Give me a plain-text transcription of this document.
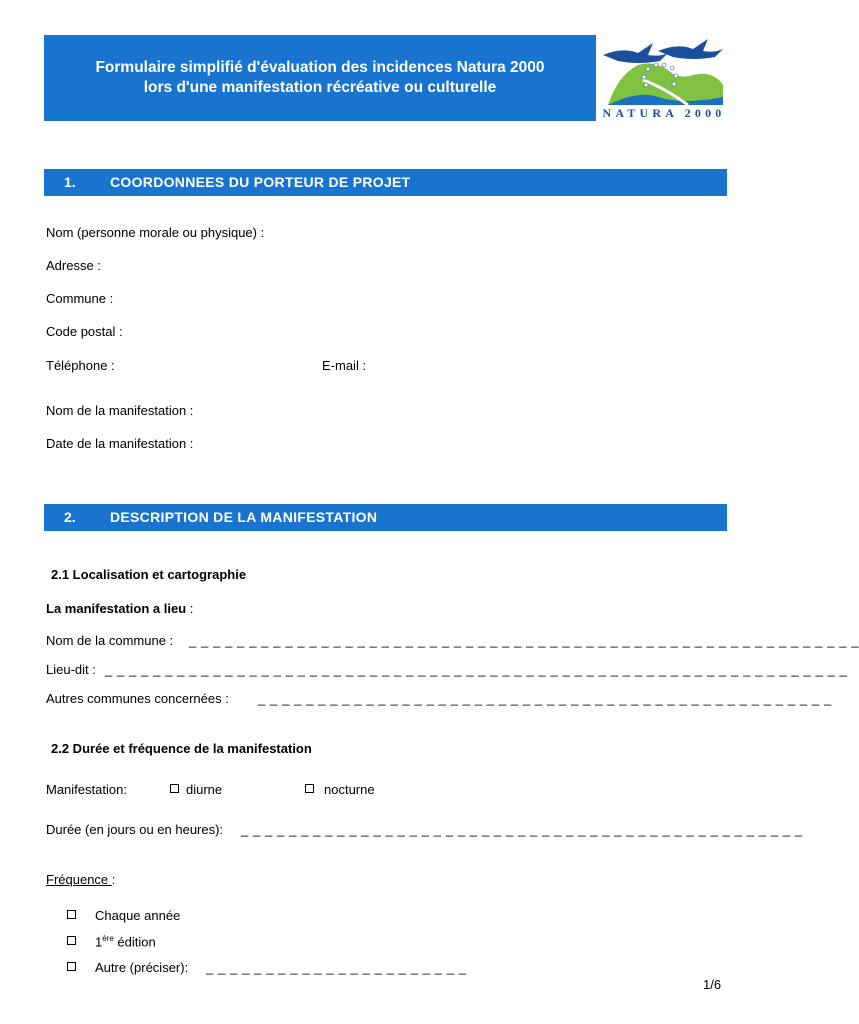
Formulaire simplifié d'évaluation des incidences Natura 2000
lors d'une manifestation récréative ou culturelle
NATURA 2000
1. COORDONNEES DU PORTEUR DE PROJET
Nom (personne morale ou physique) :
Adresse :
Commune :
Code postal :
Téléphone :	E-mail :
Nom de la manifestation :
Date de la manifestation :
2. DESCRIPTION DE LA MANIFESTATION
2.1 Localisation et cartographie
La manifestation a lieu :
Nom de la commune : _ _ _ _ _ _ _ _ _ _ _ _ _ _ _ _ _ _ _ _ _ _ _ _ _ _ _ _ _ _ _ _ _ _ _ _ _ _ _ _ _ _ _ _ _ _ _ _ _ _ _ _ _ _ _ _
Lieu-dit : _ _ _ _ _ _ _ _ _ _ _ _ _ _ _ _ _ _ _ _ _ _ _ _ _ _ _ _ _ _ _ _ _ _ _ _ _ _ _ _ _ _ _ _ _ _ _ _ _ _ _ _ _ _ _ _ _ _ _ _ _ _
Autres communes concernées : _ _ _ _ _ _ _ _ _ _ _ _ _ _ _ _ _ _ _ _ _ _ _ _ _ _ _ _ _ _ _ _ _ _ _ _ _ _ _ _ _ _ _ _ _ _ _ _
2.2 Durée et fréquence de la manifestation
Manifestation:	diurne	nocturne
Durée (en jours ou en heures): _ _ _ _ _ _ _ _ _ _ _ _ _ _ _ _ _ _ _ _ _ _ _ _ _ _ _ _ _ _ _ _ _ _ _ _ _ _ _ _ _ _ _ _ _ _ _
Fréquence :
Chaque année
1ère édition
Autre (préciser): _ _ _ _ _ _ _ _ _ _ _ _ _ _ _ _ _ _ _ _ _ _
1/6
